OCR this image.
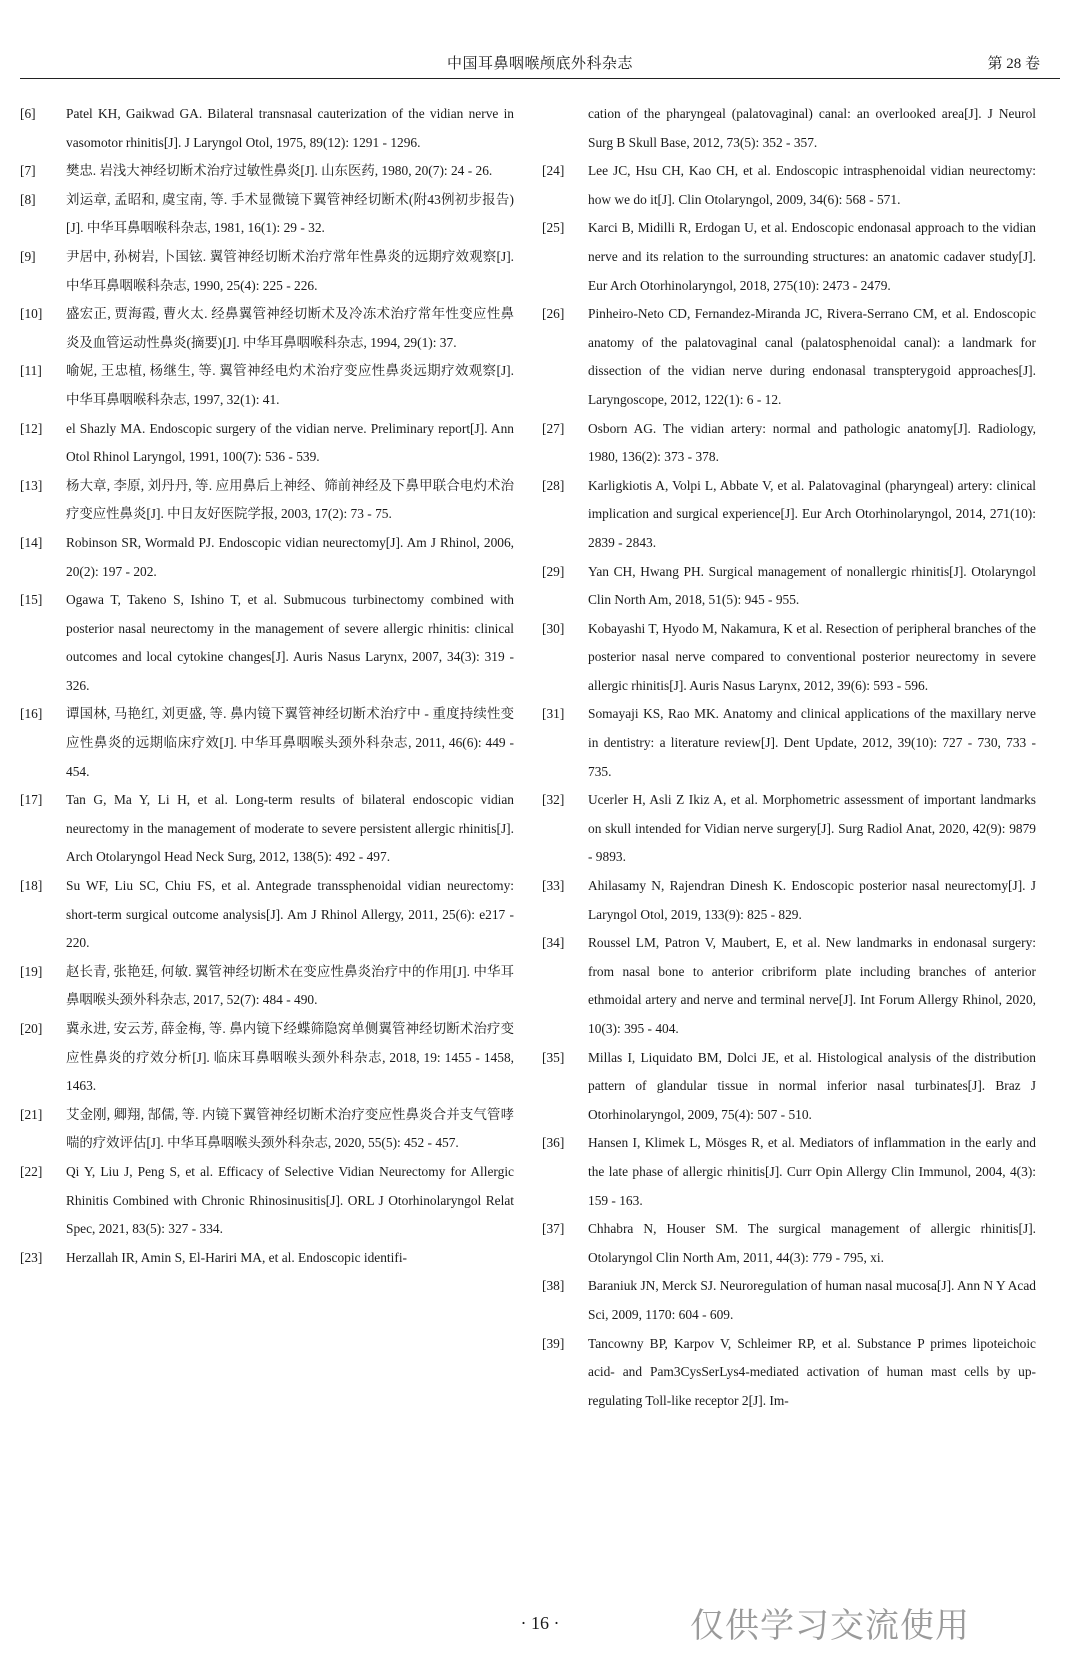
中国耳鼻咽喉颅底外科杂志	第 28 卷
[6]	Patel KH, Gaikwad GA. Bilateral transnasal cauterization of the vidian nerve in vasomotor rhinitis[J]. J Laryngol Otol, 1975, 89(12): 1291 - 1296.
[7]	樊忠. 岩浅大神经切断术治疗过敏性鼻炎[J]. 山东医药, 1980, 20(7): 24 - 26.
[8]	刘运章, 孟昭和, 虞宝南, 等. 手术显微镜下翼管神经切断术(附43例初步报告)[J]. 中华耳鼻咽喉科杂志, 1981, 16(1): 29 - 32.
[9]	尹居中, 孙树岩, 卜国铉. 翼管神经切断术治疗常年性鼻炎的远期疗效观察[J]. 中华耳鼻咽喉科杂志, 1990, 25(4): 225 - 226.
[10]	盛宏正, 贾海霞, 曹火太. 经鼻翼管神经切断术及冷冻术治疗常年性变应性鼻炎及血管运动性鼻炎(摘要)[J]. 中华耳鼻咽喉科杂志, 1994, 29(1): 37.
[11]	喻妮, 王忠植, 杨继生, 等. 翼管神经电灼术治疗变应性鼻炎远期疗效观察[J]. 中华耳鼻咽喉科杂志, 1997, 32(1): 41.
[12]	el Shazly MA. Endoscopic surgery of the vidian nerve. Preliminary report[J]. Ann Otol Rhinol Laryngol, 1991, 100(7): 536 - 539.
[13]	杨大章, 李原, 刘丹丹, 等. 应用鼻后上神经、筛前神经及下鼻甲联合电灼术治疗变应性鼻炎[J]. 中日友好医院学报, 2003, 17(2): 73 - 75.
[14]	Robinson SR, Wormald PJ. Endoscopic vidian neurectomy[J]. Am J Rhinol, 2006, 20(2): 197 - 202.
[15]	Ogawa T, Takeno S, Ishino T, et al. Submucous turbinectomy combined with posterior nasal neurectomy in the management of severe allergic rhinitis: clinical outcomes and local cytokine changes[J]. Auris Nasus Larynx, 2007, 34(3): 319 - 326.
[16]	谭国林, 马艳红, 刘更盛, 等. 鼻内镜下翼管神经切断术治疗中 - 重度持续性变应性鼻炎的远期临床疗效[J]. 中华耳鼻咽喉头颈外科杂志, 2011, 46(6): 449 - 454.
[17]	Tan G, Ma Y, Li H, et al. Long-term results of bilateral endoscopic vidian neurectomy in the management of moderate to severe persistent allergic rhinitis[J]. Arch Otolaryngol Head Neck Surg, 2012, 138(5): 492 - 497.
[18]	Su WF, Liu SC, Chiu FS, et al. Antegrade transsphenoidal vidian neurectomy: short-term surgical outcome analysis[J]. Am J Rhinol Allergy, 2011, 25(6): e217 - 220.
[19]	赵长青, 张艳廷, 何敏. 翼管神经切断术在变应性鼻炎治疗中的作用[J]. 中华耳鼻咽喉头颈外科杂志, 2017, 52(7): 484 - 490.
[20]	冀永进, 安云芳, 薛金梅, 等. 鼻内镜下经蝶筛隐窝单侧翼管神经切断术治疗变应性鼻炎的疗效分析[J]. 临床耳鼻咽喉头颈外科杂志, 2018, 19: 1455 - 1458, 1463.
[21]	艾金刚, 卿翔, 郜儒, 等. 内镜下翼管神经切断术治疗变应性鼻炎合并支气管哮喘的疗效评估[J]. 中华耳鼻咽喉头颈外科杂志, 2020, 55(5): 452 - 457.
[22]	Qi Y, Liu J, Peng S, et al. Efficacy of Selective Vidian Neurectomy for Allergic Rhinitis Combined with Chronic Rhinosinusitis[J]. ORL J Otorhinolaryngol Relat Spec, 2021, 83(5): 327 - 334.
[23]	Herzallah IR, Amin S, El-Hariri MA, et al. Endoscopic identifi-
cation of the pharyngeal (palatovaginal) canal: an overlooked area[J]. J Neurol Surg B Skull Base, 2012, 73(5): 352 - 357.
[24]	Lee JC, Hsu CH, Kao CH, et al. Endoscopic intrasphenoidal vidian neurectomy: how we do it[J]. Clin Otolaryngol, 2009, 34(6): 568 - 571.
[25]	Karci B, Midilli R, Erdogan U, et al. Endoscopic endonasal approach to the vidian nerve and its relation to the surrounding structures: an anatomic cadaver study[J]. Eur Arch Otorhinolaryngol, 2018, 275(10): 2473 - 2479.
[26]	Pinheiro-Neto CD, Fernandez-Miranda JC, Rivera-Serrano CM, et al. Endoscopic anatomy of the palatovaginal canal (palatosphenoidal canal): a landmark for dissection of the vidian nerve during endonasal transpterygoid approaches[J]. Laryngoscope, 2012, 122(1): 6 - 12.
[27]	Osborn AG. The vidian artery: normal and pathologic anatomy[J]. Radiology, 1980, 136(2): 373 - 378.
[28]	Karligkiotis A, Volpi L, Abbate V, et al. Palatovaginal (pharyngeal) artery: clinical implication and surgical experience[J]. Eur Arch Otorhinolaryngol, 2014, 271(10): 2839 - 2843.
[29]	Yan CH, Hwang PH. Surgical management of nonallergic rhinitis[J]. Otolaryngol Clin North Am, 2018, 51(5): 945 - 955.
[30]	Kobayashi T, Hyodo M, Nakamura, K et al. Resection of peripheral branches of the posterior nasal nerve compared to conventional posterior neurectomy in severe allergic rhinitis[J]. Auris Nasus Larynx, 2012, 39(6): 593 - 596.
[31]	Somayaji KS, Rao MK. Anatomy and clinical applications of the maxillary nerve in dentistry: a literature review[J]. Dent Update, 2012, 39(10): 727 - 730, 733 - 735.
[32]	Ucerler H, Asli Z Ikiz A, et al. Morphometric assessment of important landmarks on skull intended for Vidian nerve surgery[J]. Surg Radiol Anat, 2020, 42(9): 9879 - 9893.
[33]	Ahilasamy N, Rajendran Dinesh K. Endoscopic posterior nasal neurectomy[J]. J Laryngol Otol, 2019, 133(9): 825 - 829.
[34]	Roussel LM, Patron V, Maubert, E, et al. New landmarks in endonasal surgery: from nasal bone to anterior cribriform plate including branches of anterior ethmoidal artery and nerve and terminal nerve[J]. Int Forum Allergy Rhinol, 2020, 10(3): 395 - 404.
[35]	Millas I, Liquidato BM, Dolci JE, et al. Histological analysis of the distribution pattern of glandular tissue in normal inferior nasal turbinates[J]. Braz J Otorhinolaryngol, 2009, 75(4): 507 - 510.
[36]	Hansen I, Klimek L, Mösges R, et al. Mediators of inflammation in the early and the late phase of allergic rhinitis[J]. Curr Opin Allergy Clin Immunol, 2004, 4(3): 159 - 163.
[37]	Chhabra N, Houser SM. The surgical management of allergic rhinitis[J]. Otolaryngol Clin North Am, 2011, 44(3): 779 - 795, xi.
[38]	Baraniuk JN, Merck SJ. Neuroregulation of human nasal mucosa[J]. Ann N Y Acad Sci, 2009, 1170: 604 - 609.
[39]	Tancowny BP, Karpov V, Schleimer RP, et al. Substance P primes lipoteichoic acid- and Pam3CysSerLys4-mediated activation of human mast cells by up-regulating Toll-like receptor 2[J]. Im-
· 16 ·	仅供学习交流使用
